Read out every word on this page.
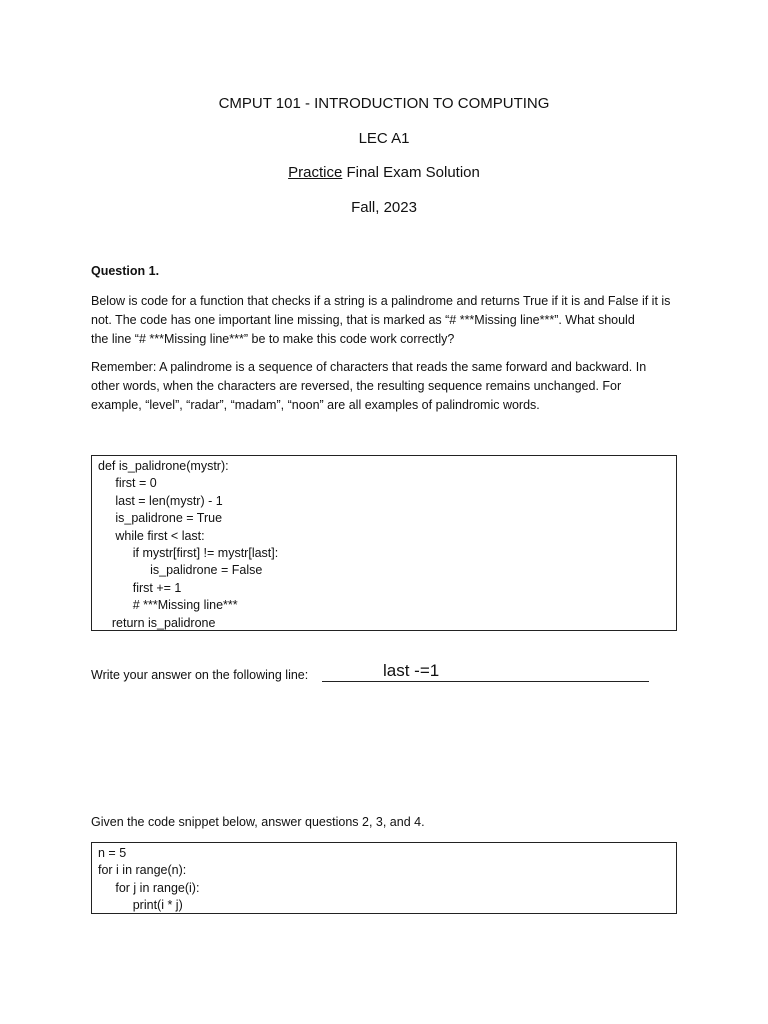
CMPUT 101 - INTRODUCTION TO COMPUTING
LEC A1
Practice Final Exam Solution
Fall, 2023
Question 1.
Below is code for a function that checks if a string is a palindrome and returns True if it is and False if it is
not. The code has one important line missing, that is marked as “# ***Missing line***”. What should
the line “# ***Missing line***” be to make this code work correctly?
Remember: A palindrome is a sequence of characters that reads the same forward and backward. In
other words, when the characters are reversed, the resulting sequence remains unchanged. For
example, “level”, “radar”, “madam”, “noon” are all examples of palindromic words.
def is_palidrone(mystr):
first = 0
last = len(mystr) - 1
is_palidrone = True
while first < last:
if mystr[first] != mystr[last]:
is_palidrone = False
first += 1
# ***Missing line***
return is_palidrone
Write your answer on the following line:	last -=1
Given the code snippet below, answer questions 2, 3, and 4.
n = 5
for i in range(n):
for j in range(i):
print(i * j)
